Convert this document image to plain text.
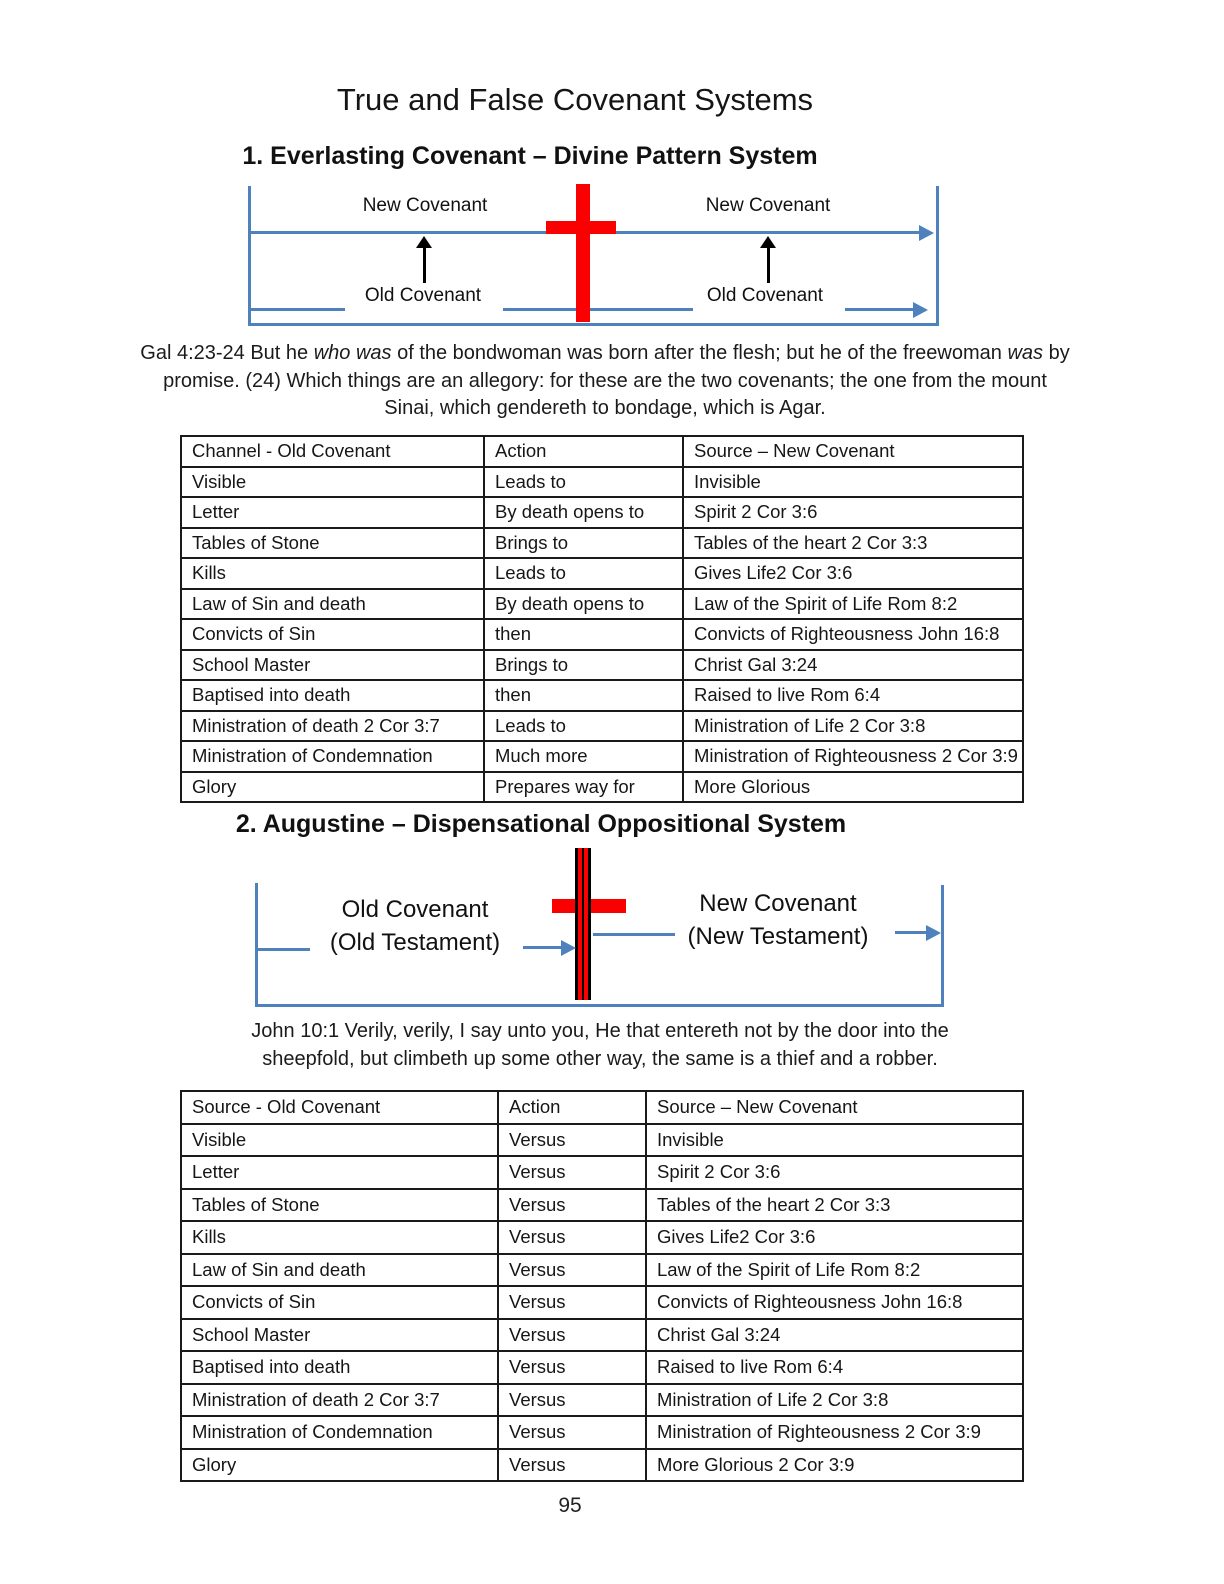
True and False Covenant Systems
1. Everlasting Covenant – Divine Pattern System
New Covenant	New Covenant
Old Covenant	Old Covenant
Gal 4:23-24 But he who was of the bondwoman was born after the flesh; but he of the freewoman was by
promise. (24) Which things are an allegory: for these are the two covenants; the one from the mount
Sinai, which gendereth to bondage, which is Agar.
Channel - Old Covenant	Action	Source – New Covenant
Visible	Leads to	Invisible
Letter	By death opens to	Spirit 2 Cor 3:6
Tables of Stone	Brings to	Tables of the heart 2 Cor 3:3
Kills	Leads to	Gives Life2 Cor 3:6
Law of Sin and death	By death opens to	Law of the Spirit of Life Rom 8:2
Convicts of Sin	then	Convicts of Righteousness John 16:8
School Master	Brings to	Christ Gal 3:24
Baptised into death	then	Raised to live Rom 6:4
Ministration of death 2 Cor 3:7	Leads to	Ministration of Life 2 Cor 3:8
Ministration of Condemnation	Much more	Ministration of Righteousness 2 Cor 3:9
Glory	Prepares way for	More Glorious
2. Augustine – Dispensational Oppositional System
Old Covenant
(Old Testament)
New Covenant
(New Testament)
John 10:1 Verily, verily, I say unto you, He that entereth not by the door into the
sheepfold, but climbeth up some other way, the same is a thief and a robber.
Source - Old Covenant	Action	Source – New Covenant
Visible	Versus	Invisible
Letter	Versus	Spirit 2 Cor 3:6
Tables of Stone	Versus	Tables of the heart 2 Cor 3:3
Kills	Versus	Gives Life2 Cor 3:6
Law of Sin and death	Versus	Law of the Spirit of Life Rom 8:2
Convicts of Sin	Versus	Convicts of Righteousness John 16:8
School Master	Versus	Christ Gal 3:24
Baptised into death	Versus	Raised to live Rom 6:4
Ministration of death 2 Cor 3:7	Versus	Ministration of Life 2 Cor 3:8
Ministration of Condemnation	Versus	Ministration of Righteousness 2 Cor 3:9
Glory	Versus	More Glorious 2 Cor 3:9
95
